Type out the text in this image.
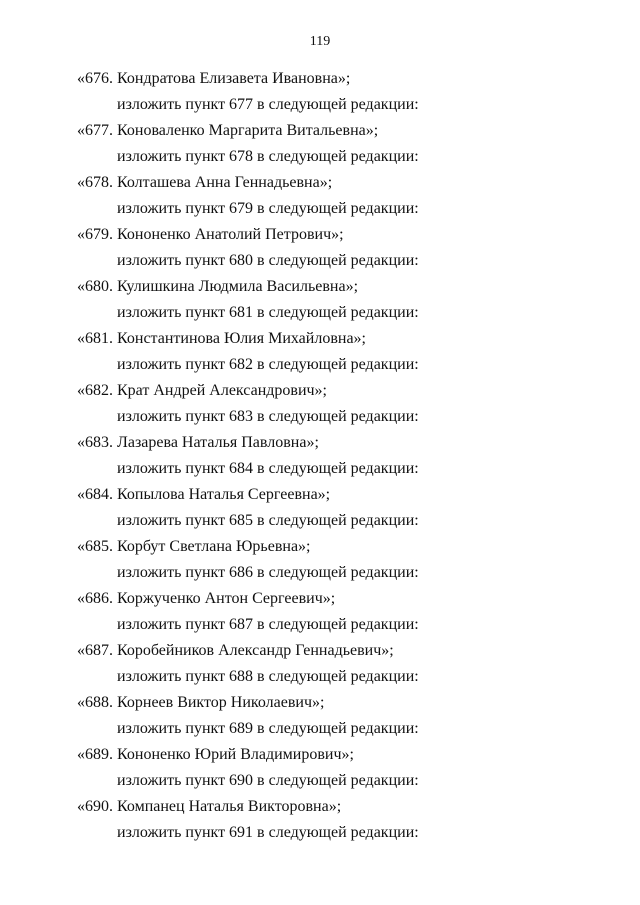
119
«676. Кондратова Елизавета Ивановна»;
изложить пункт 677 в следующей редакции:
«677. Коноваленко Маргарита Витальевна»;
изложить пункт 678 в следующей редакции:
«678. Колташева Анна Геннадьевна»;
изложить пункт 679 в следующей редакции:
«679. Кононенко Анатолий Петрович»;
изложить пункт 680 в следующей редакции:
«680. Кулишкина Людмила Васильевна»;
изложить пункт 681 в следующей редакции:
«681. Константинова Юлия Михайловна»;
изложить пункт 682 в следующей редакции:
«682. Крат Андрей Александрович»;
изложить пункт 683 в следующей редакции:
«683. Лазарева Наталья Павловна»;
изложить пункт 684 в следующей редакции:
«684. Копылова Наталья Сергеевна»;
изложить пункт 685 в следующей редакции:
«685. Корбут Светлана Юрьевна»;
изложить пункт 686 в следующей редакции:
«686. Коржученко Антон Сергеевич»;
изложить пункт 687 в следующей редакции:
«687. Коробейников Александр Геннадьевич»;
изложить пункт 688 в следующей редакции:
«688. Корнеев Виктор Николаевич»;
изложить пункт 689 в следующей редакции:
«689. Кононенко Юрий Владимирович»;
изложить пункт 690 в следующей редакции:
«690. Компанец Наталья Викторовна»;
изложить пункт 691 в следующей редакции:
